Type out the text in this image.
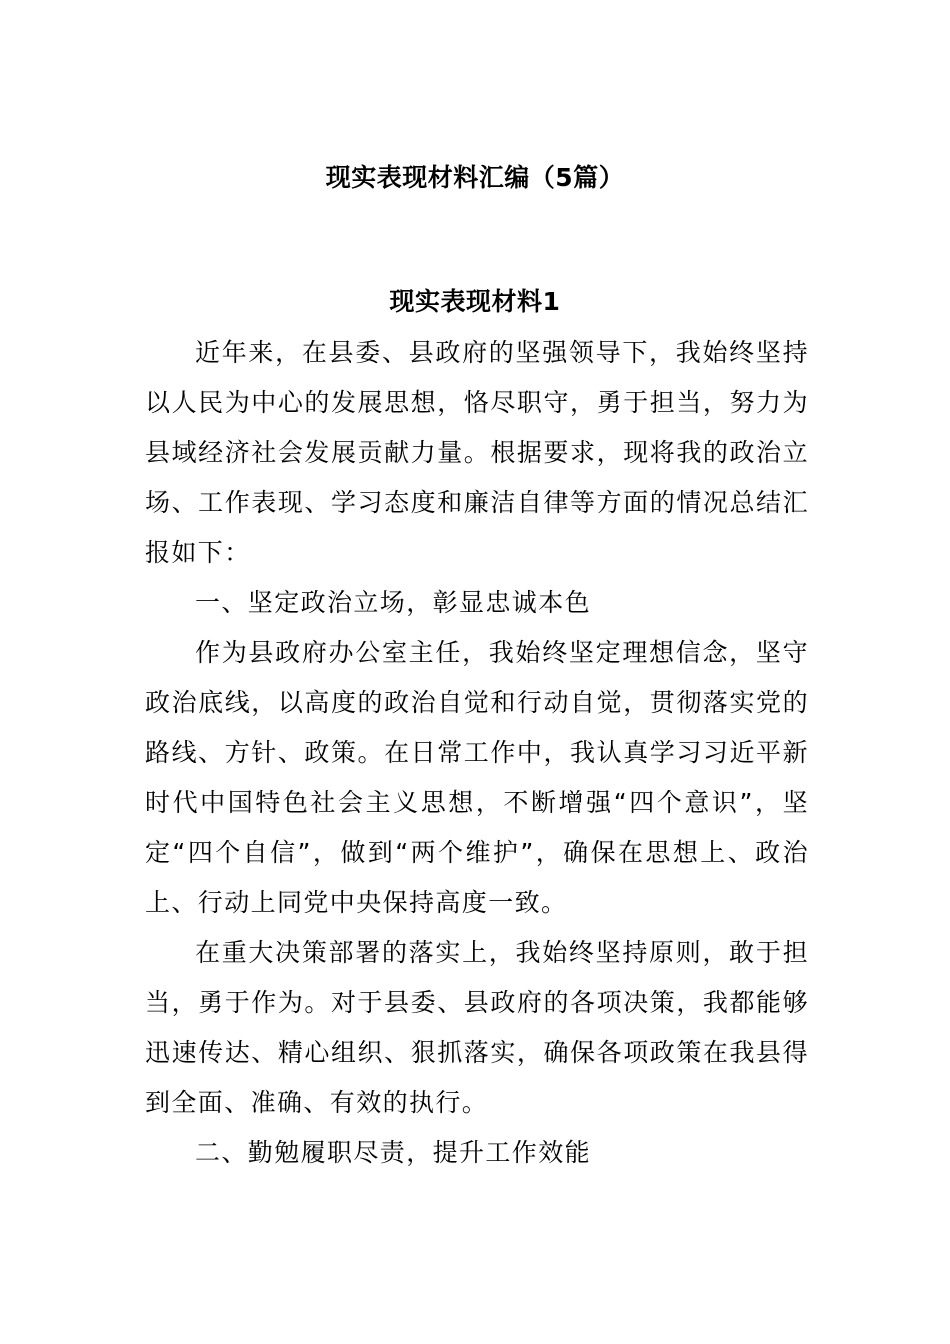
现实表现材料汇编（5篇）
现实表现材料1

近年来，在县委、县政府的坚强领导下，我始终坚持以人民为中心的发展思想，恪尽职守，勇于担当，努力为县域经济社会发展贡献力量。根据要求，现将我的政治立场、工作表现、学习态度和廉洁自律等方面的情况总结汇报如下：

一、坚定政治立场，彰显忠诚本色

作为县政府办公室主任，我始终坚定理想信念，坚守政治底线，以高度的政治自觉和行动自觉，贯彻落实党的路线、方针、政策。在日常工作中，我认真学习习近平新时代中国特色社会主义思想，不断增强“四个意识”，坚定“四个自信”，做到“两个维护”，确保在思想上、政治上、行动上同党中央保持高度一致。

在重大决策部署的落实上，我始终坚持原则，敢于担当，勇于作为。对于县委、县政府的各项决策，我都能够迅速传达、精心组织、狠抓落实，确保各项政策在我县得到全面、准确、有效的执行。

二、勤勉履职尽责，提升工作效能
